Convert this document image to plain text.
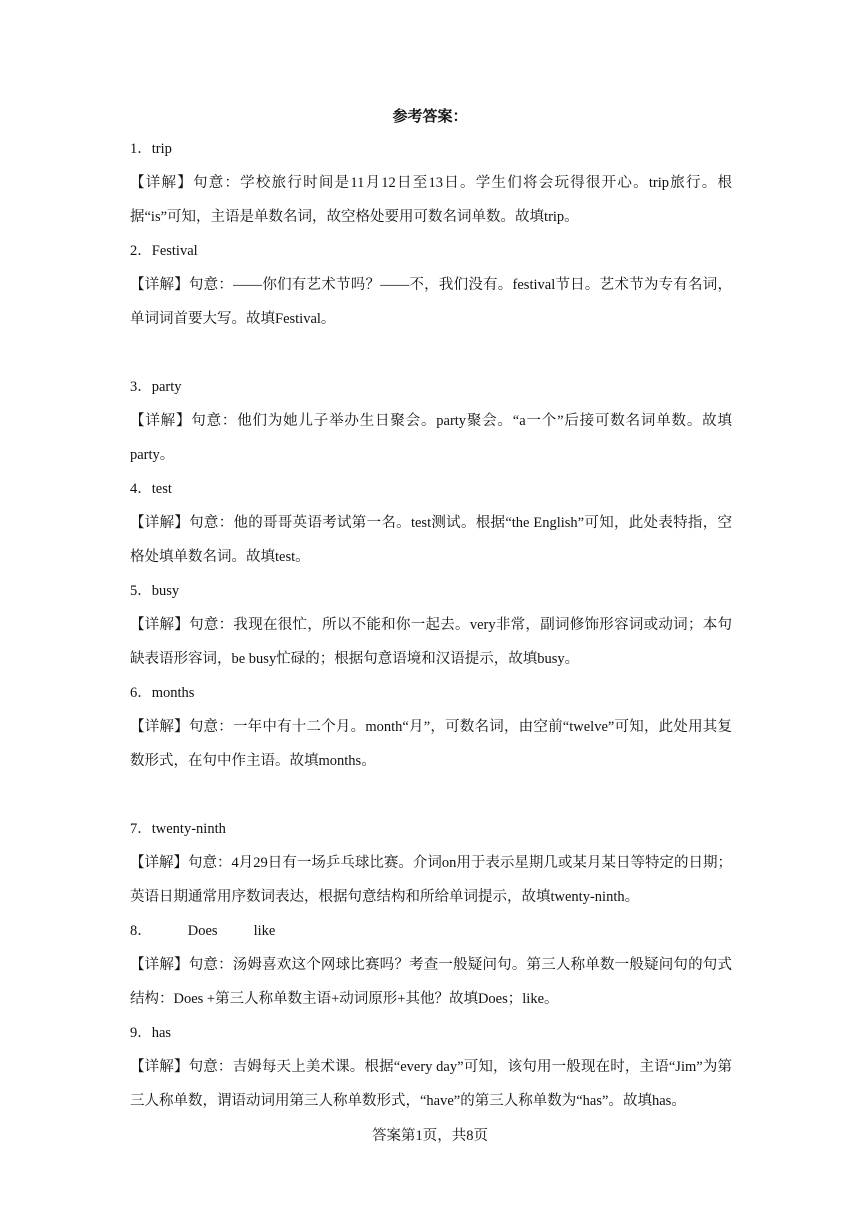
参考答案：
1．trip
【详解】句意：学校旅行时间是11月12日至13日。学生们将会玩得很开心。trip旅行。根据“is”可知，主语是单数名词，故空格处要用可数名词单数。故填trip。
2．Festival
【详解】句意：——你们有艺术节吗？——不，我们没有。festival节日。艺术节为专有名词，单词词首要大写。故填Festival。
3．party
【详解】句意：他们为她儿子举办生日聚会。party聚会。“a一个”后接可数名词单数。故填party。
4．test
【详解】句意：他的哥哥英语考试第一名。test测试。根据“the English”可知，此处表特指，空格处填单数名词。故填test。
5．busy
【详解】句意：我现在很忙，所以不能和你一起去。very非常，副词修饰形容词或动词；本句缺表语形容词，be busy忙碌的；根据句意语境和汉语提示，故填busy。
6．months
【详解】句意：一年中有十二个月。month“月”，可数名词，由空前“twelve”可知，此处用其复数形式，在句中作主语。故填months。
7．twenty-ninth
【详解】句意：4月29日有一场乒乓球比赛。介词on用于表示星期几或某月某日等特定的日期；英语日期通常用序数词表达，根据句意结构和所给单词提示，故填twenty-ninth。
8． Does like
【详解】句意：汤姆喜欢这个网球比赛吗？考查一般疑问句。第三人称单数一般疑问句的句式结构：Does +第三人称单数主语+动词原形+其他？故填Does；like。
9．has
【详解】句意：吉姆每天上美术课。根据“every day”可知，该句用一般现在时，主语“Jim”为第三人称单数，谓语动词用第三人称单数形式，“have”的第三人称单数为“has”。故填has。
答案第1页，共8页
